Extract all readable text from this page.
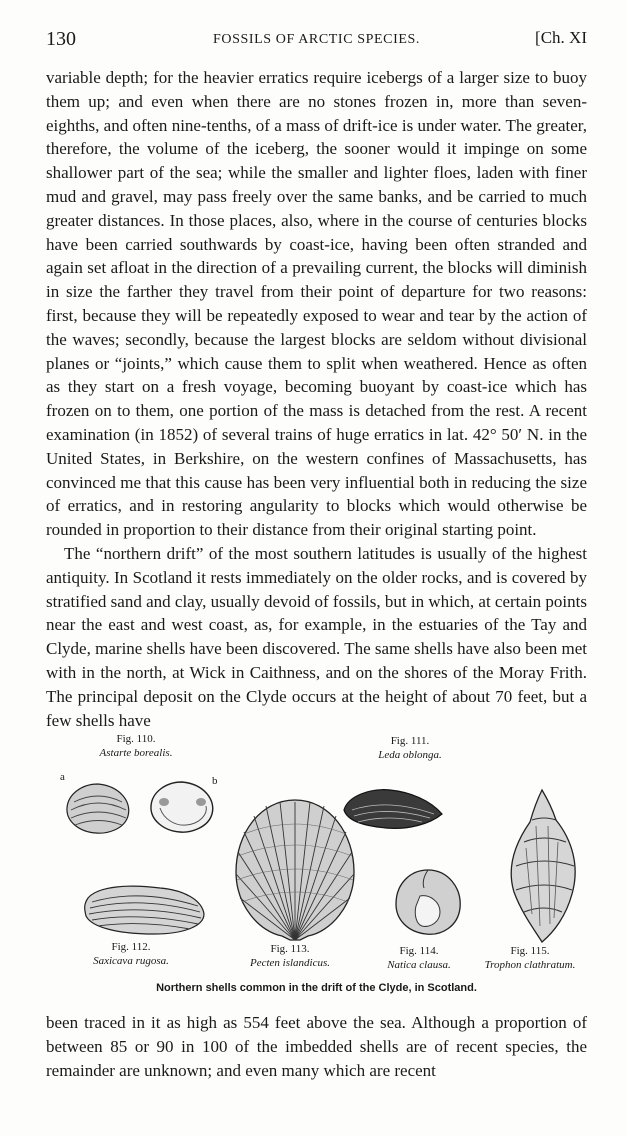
130	FOSSILS OF ARCTIC SPECIES.	[Ch. XI

variable depth; for the heavier erratics require icebergs of a larger size to buoy them up; and even when there are no stones frozen in, more than seven-eighths, and often nine-tenths, of a mass of drift-ice is under water. The greater, therefore, the volume of the iceberg, the sooner would it impinge on some shallower part of the sea; while the smaller and lighter floes, laden with finer mud and gravel, may pass freely over the same banks, and be carried to much greater distances. In those places, also, where in the course of centuries blocks have been carried southwards by coast-ice, having been often stranded and again set afloat in the direction of a prevailing current, the blocks will diminish in size the farther they travel from their point of departure for two reasons: first, because they will be repeatedly exposed to wear and tear by the action of the waves; secondly, because the largest blocks are seldom without divisional planes or “joints,” which cause them to split when weathered. Hence as often as they start on a fresh voyage, becoming buoyant by coast-ice which has frozen on to them, one portion of the mass is detached from the rest. A recent examination (in 1852) of several trains of huge erratics in lat. 42° 50′ N. in the United States, in Berkshire, on the western confines of Massachusetts, has convinced me that this cause has been very influential both in reducing the size of erratics, and in restoring angularity to blocks which would otherwise be rounded in proportion to their distance from their original starting point.

The “northern drift” of the most southern latitudes is usually of the highest antiquity. In Scotland it rests immediately on the older rocks, and is covered by stratified sand and clay, usually devoid of fossils, but in which, at certain points near the east and west coast, as, for example, in the estuaries of the Tay and Clyde, marine shells have been discovered. The same shells have also been met with in the north, at Wick in Caithness, and on the shores of the Moray Frith. The principal deposit on the Clyde occurs at the height of about 70 feet, but a few shells have

Fig. 110.
Astarte borealis.
a	b
Fig. 111.
Leda oblonga.
Fig. 112.
Saxicava rugosa.
Fig. 113.
Pecten islandicus.
Fig. 114.
Natica clausa.
Fig. 115.
Trophon clathratum.
Northern shells common in the drift of the Clyde, in Scotland.

been traced in it as high as 554 feet above the sea. Although a proportion of between 85 or 90 in 100 of the imbedded shells are of recent species, the remainder are unknown; and even many which are recent
